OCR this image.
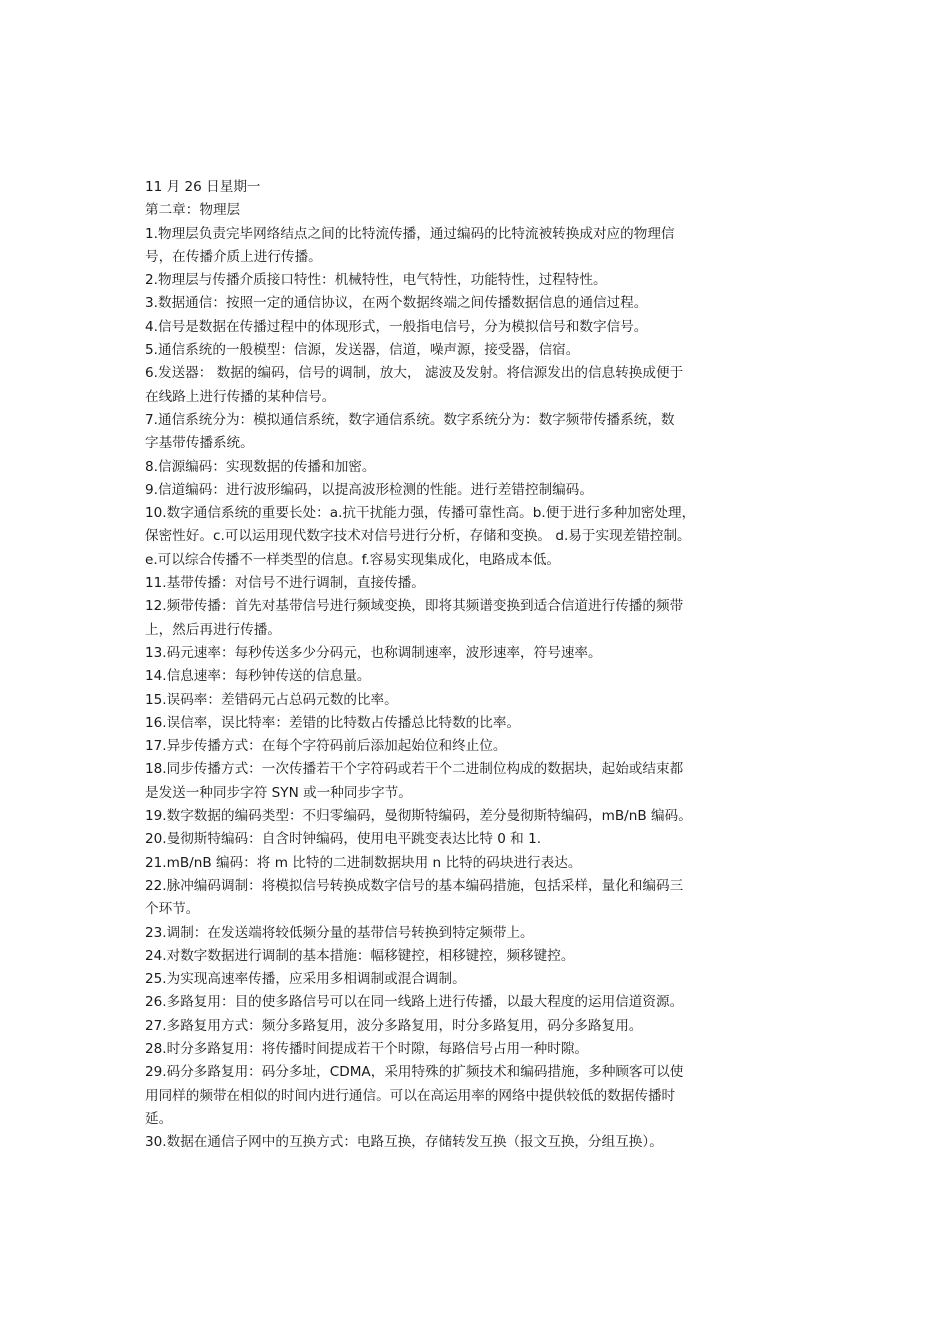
11 月 26 日星期一
第二章：物理层
1.物理层负责完毕网络结点之间的比特流传播，通过编码的比特流被转换成对应的物理信
号，在传播介质上进行传播。
2.物理层与传播介质接口特性：机械特性，电气特性，功能特性，过程特性。
3.数据通信：按照一定的通信协议，在两个数据终端之间传播数据信息的通信过程。
4.信号是数据在传播过程中的体现形式，一般指电信号，分为模拟信号和数字信号。
5.通信系统的一般模型：信源，发送器，信道，噪声源，接受器，信宿。
6.发送器： 数据的编码，信号的调制，放大， 滤波及发射。将信源发出的信息转换成便于
在线路上进行传播的某种信号。
7.通信系统分为：模拟通信系统，数字通信系统。数字系统分为：数字频带传播系统，数
字基带传播系统。
8.信源编码：实现数据的传播和加密。
9.信道编码：进行波形编码，以提高波形检测的性能。进行差错控制编码。
10.数字通信系统的重要长处：a.抗干扰能力强，传播可靠性高。b.便于进行多种加密处理，
保密性好。c.可以运用现代数字技术对信号进行分析，存储和变换。 d.易于实现差错控制。
e.可以综合传播不一样类型的信息。f.容易实现集成化，电路成本低。
11.基带传播：对信号不进行调制，直接传播。
12.频带传播：首先对基带信号进行频域变换，即将其频谱变换到适合信道进行传播的频带
上，然后再进行传播。
13.码元速率：每秒传送多少分码元，也称调制速率，波形速率，符号速率。
14.信息速率：每秒钟传送的信息量。
15.误码率：差错码元占总码元数的比率。
16.误信率，误比特率：差错的比特数占传播总比特数的比率。
17.异步传播方式：在每个字符码前后添加起始位和终止位。
18.同步传播方式：一次传播若干个字符码或若干个二进制位构成的数据块，起始或结束都
是发送一种同步字符 SYN 或一种同步字节。
19.数字数据的编码类型：不归零编码，曼彻斯特编码，差分曼彻斯特编码，mB/nB 编码。
20.曼彻斯特编码：自含时钟编码，使用电平跳变表达比特 0 和 1.
21.mB/nB 编码：将 m 比特的二进制数据块用 n 比特的码块进行表达。
22.脉冲编码调制：将模拟信号转换成数字信号的基本编码措施，包括采样，量化和编码三
个环节。
23.调制：在发送端将较低频分量的基带信号转换到特定频带上。
24.对数字数据进行调制的基本措施：幅移键控，相移键控，频移键控。
25.为实现高速率传播，应采用多相调制或混合调制。
26.多路复用：目的使多路信号可以在同一线路上进行传播，以最大程度的运用信道资源。
27.多路复用方式：频分多路复用，波分多路复用，时分多路复用，码分多路复用。
28.时分多路复用：将传播时间提成若干个时隙，每路信号占用一种时隙。
29.码分多路复用：码分多址，CDMA，采用特殊的扩频技术和编码措施，多种顾客可以使
用同样的频带在相似的时间内进行通信。可以在高运用率的网络中提供较低的数据传播时
延。
30.数据在通信子网中的互换方式：电路互换，存储转发互换（报文互换，分组互换）。
